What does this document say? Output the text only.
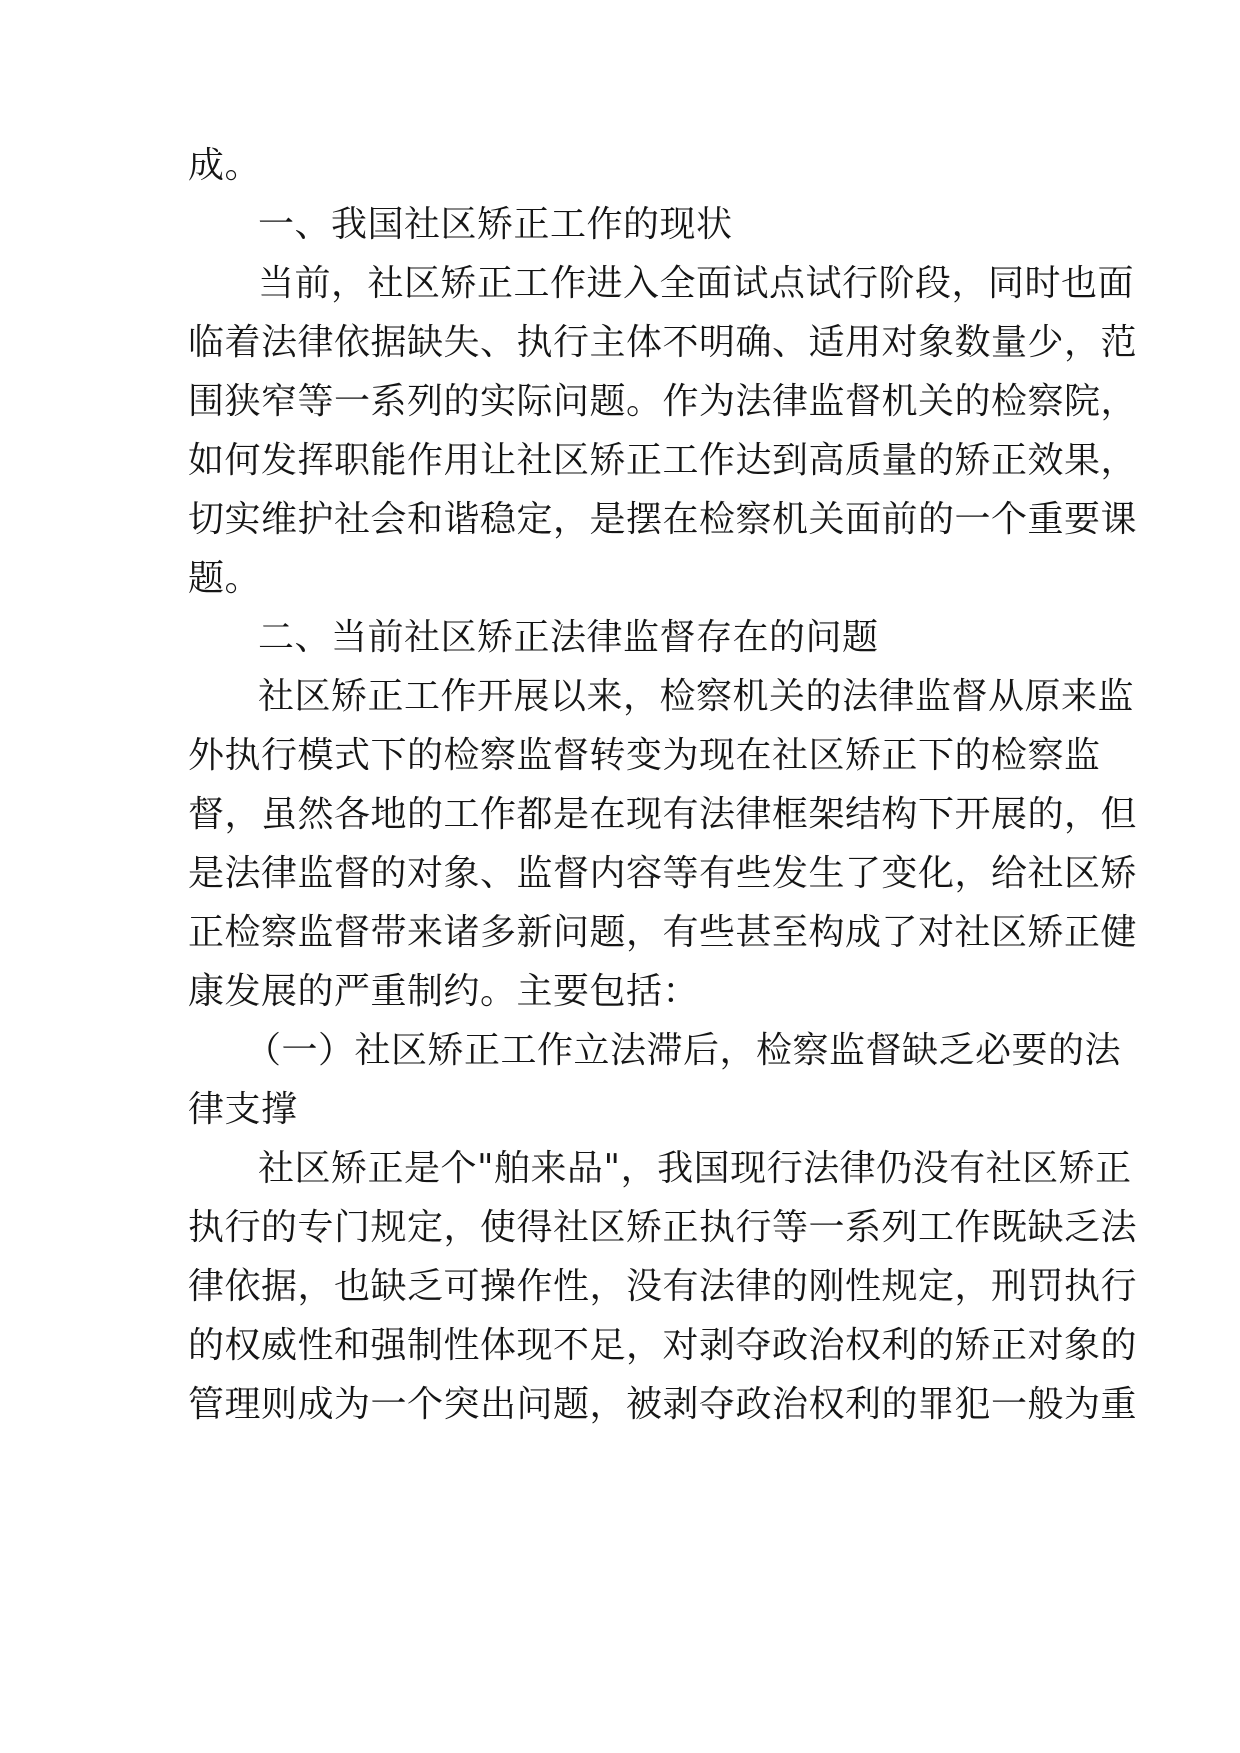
成。
一、我国社区矫正工作的现状
当前，社区矫正工作进入全面试点试行阶段，同时也面
临着法律依据缺失、执行主体不明确、适用对象数量少，范
围狭窄等一系列的实际问题。作为法律监督机关的检察院，
如何发挥职能作用让社区矫正工作达到高质量的矫正效果，
切实维护社会和谐稳定，是摆在检察机关面前的一个重要课
题。
二、当前社区矫正法律监督存在的问题
社区矫正工作开展以来，检察机关的法律监督从原来监
外执行模式下的检察监督转变为现在社区矫正下的检察监
督，虽然各地的工作都是在现有法律框架结构下开展的，但
是法律监督的对象、监督内容等有些发生了变化，给社区矫
正检察监督带来诸多新问题，有些甚至构成了对社区矫正健
康发展的严重制约。主要包括：
（一）社区矫正工作立法滞后，检察监督缺乏必要的法
律支撑
社区矫正是个"舶来品"，我国现行法律仍没有社区矫正
执行的专门规定，使得社区矫正执行等一系列工作既缺乏法
律依据，也缺乏可操作性，没有法律的刚性规定，刑罚执行
的权威性和强制性体现不足，对剥夺政治权利的矫正对象的
管理则成为一个突出问题，被剥夺政治权利的罪犯一般为重
